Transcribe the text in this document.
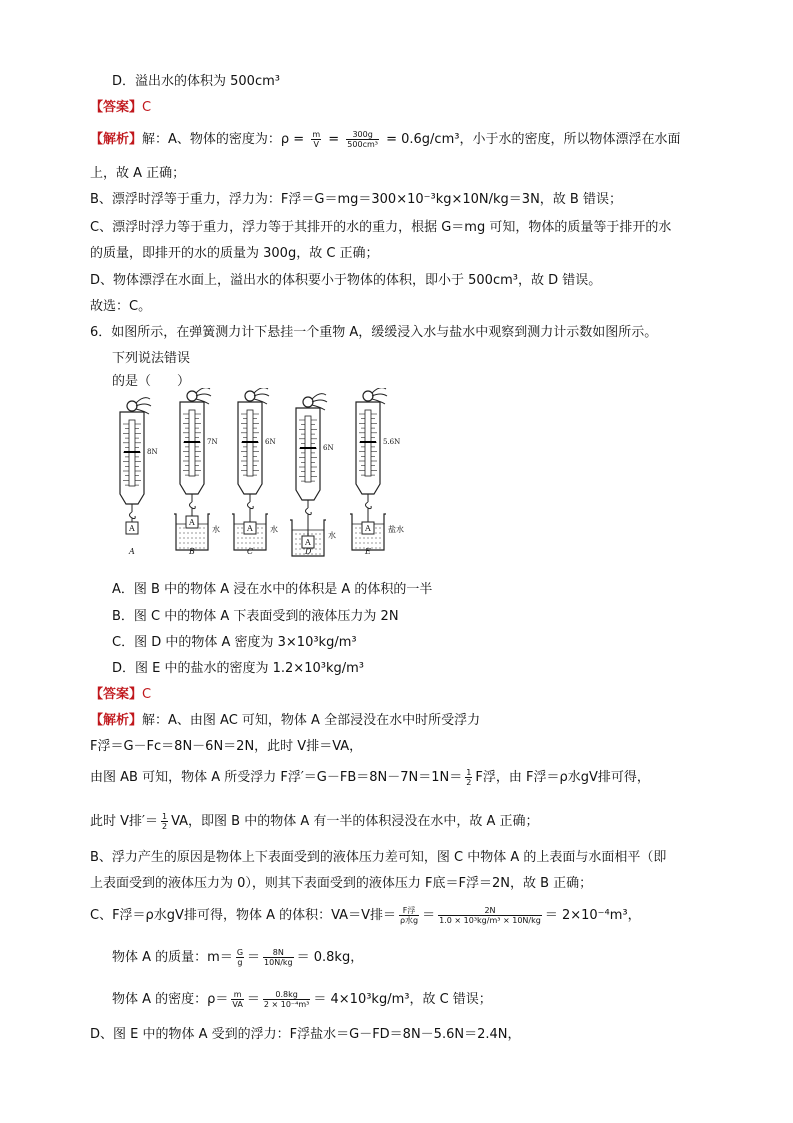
D．溢出水的体积为 500cm³
【答案】C
【解析】解：A、物体的密度为：$\rho = \frac{m}{V} = \frac{300g}{\text{500cm³}} = 0.6g/cm^3$，小于水的密度，所以物体漂浮在水面
上，故 A 正确；
B、漂浮时浮等于重力，浮力为：F浮＝G＝mg＝300×10⁻³kg×10N/kg＝3N，故 B 错误；
C、漂浮时浮力等于重力，浮力等于其排开的水的重力，根据 G＝mg 可知，物体的质量等于排开的水
的质量，即排开的水的质量为 300g，故 C 正确；
D、物体漂浮在水面上，溢出水的体积要小于物体的体积，即小于 500cm³，故 D 错误。
故选：C。
6．如图所示，在弹簧测力计下悬挂一个重物 A，缓缓浸入水与盐水中观察到测力计示数如图所示。
下列说法错误
的是（　　）
8N
A
A
7N
A
水
B
6N
A 水
C
6N
A
水
D
5.6N
A 盐水
E
A．图 B 中的物体 A 浸在水中的体积是 A 的体积的一半
B．图 C 中的物体 A 下表面受到的液体压力为 2N
C．图 D 中的物体 A 密度为 3×10³kg/m³
D．图 E 中的盐水的密度为 1.2×10³kg/m³
【答案】C
【解析】解：A、由图 AC 可知，物体 A 全部浸没在水中时所受浮力
F浮＝G－Fc＝8N－6N＝2N，此时 V排＝VA，
由图 AB 可知，物体 A 所受浮力 F浮$'=G-FB=8N-7N=1N= \frac{1}{2}$ F浮，由 F浮＝ρ水gV排可得，
此时 V排′＝ $\frac{1}{2}$ VA，即图 B 中的物体 A 有一半的体积浸没在水中，故 A 正确；
B、浮力产生的原因是物体上下表面受到的液体压力差可知，图 C 中物体 A 的上表面与水面相平（即
上表面受到的液体压力为 0），则其下表面受到的液体压力 F底＝F浮＝2N，故 B 正确；
C、F浮＝ρ水gV排可得，物体 A 的体积：VA＝V排＝ $\frac{\text{F浮}}{\text{ρ水g}} = \frac{2N}{\text{1.0 × 10³kg/m³ × 10N/kg}} = 2\times 10^{-4}m^3$，
物体 A 的质量：$m= \frac{G}{g} = \frac{8N}{10N/kg} = 0.8kg$，
物体 A 的密度：$\rho= \frac{m}{VA} = \frac{0.8kg}{\text{2 × 10⁻⁴m³}} = 4\times 10^3kg/m^3$，故 C 错误；
D、图 E 中的物体 A 受到的浮力：F浮盐水＝G－FD＝8N－5.6N＝2.4N，
